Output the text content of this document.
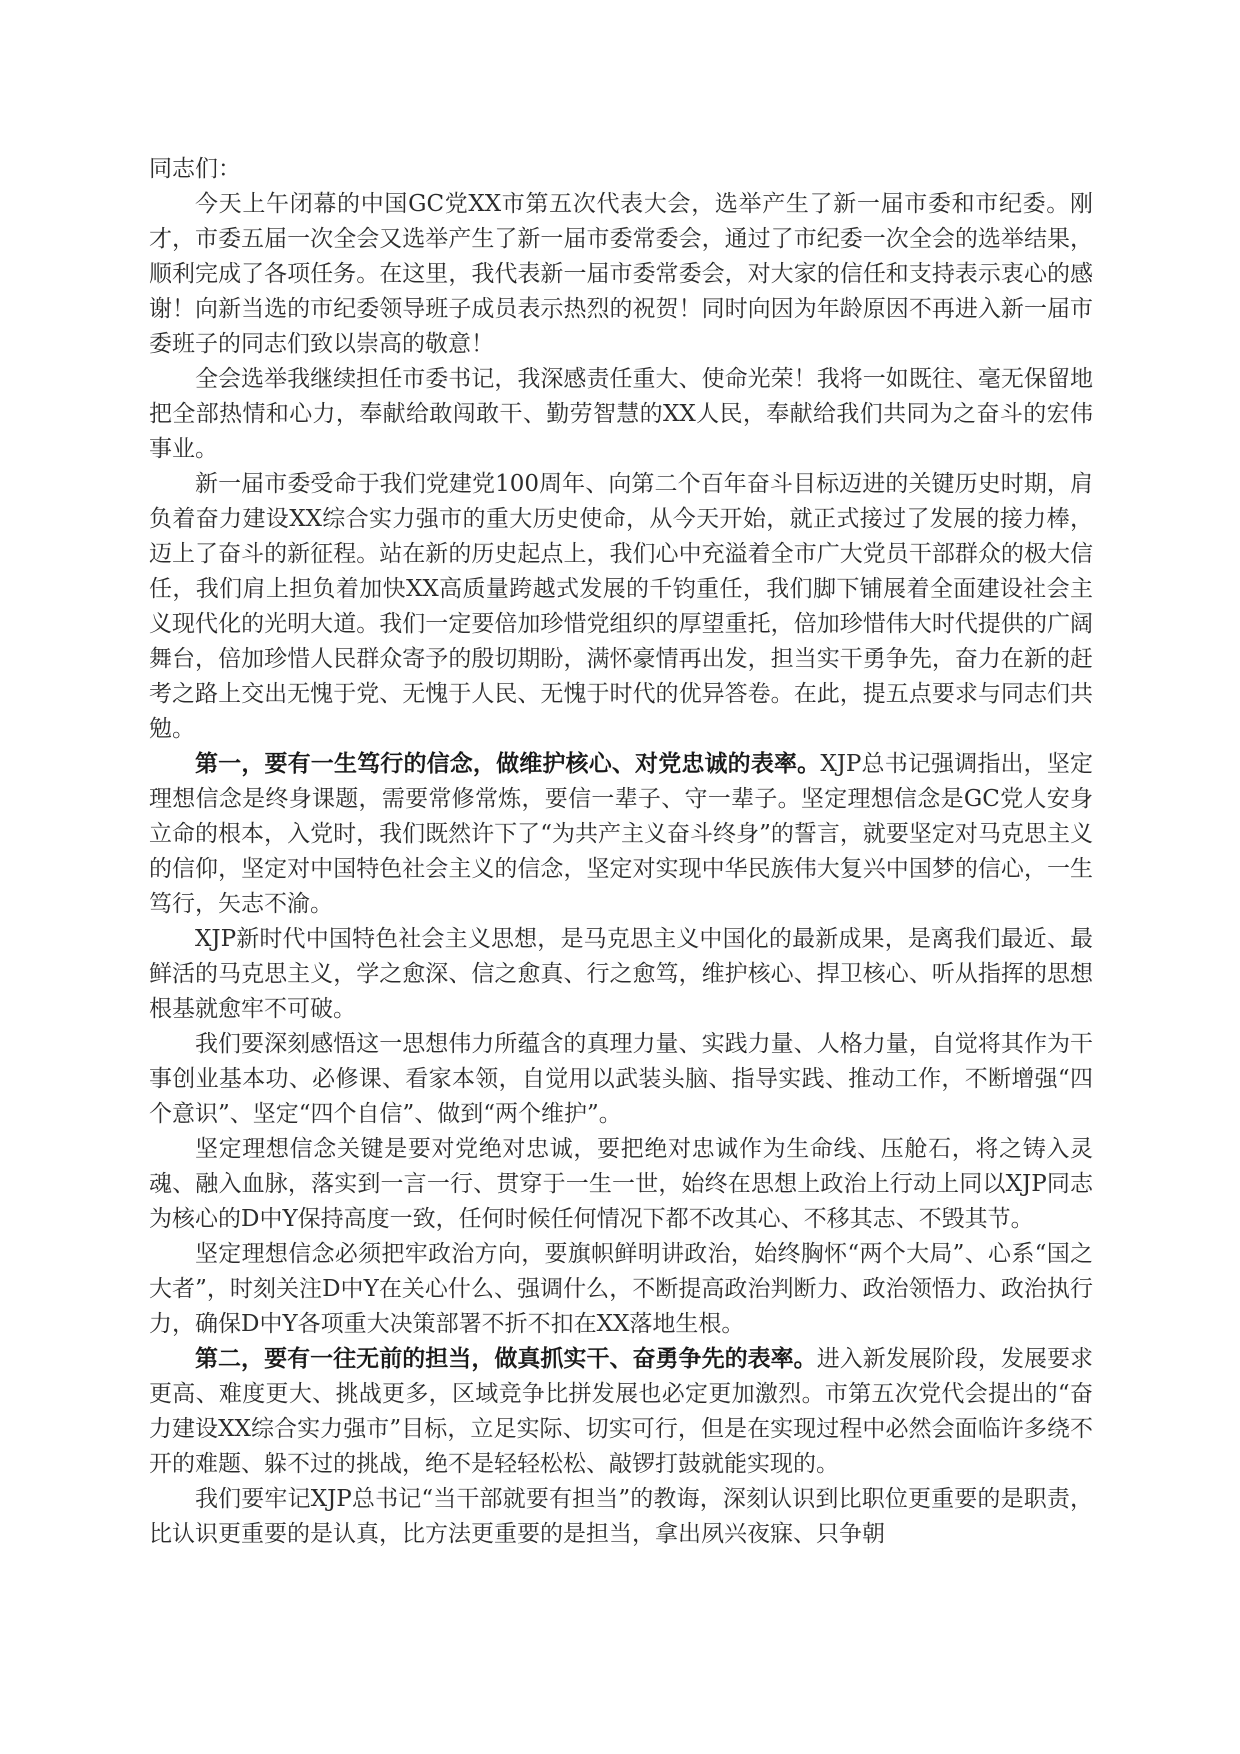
同志们：

今天上午闭幕的中国GC党XX市第五次代表大会，选举产生了新一届市委和市纪委。刚才，市委五届一次全会又选举产生了新一届市委常委会，通过了市纪委一次全会的选举结果，顺利完成了各项任务。在这里，我代表新一届市委常委会，对大家的信任和支持表示衷心的感谢！向新当选的市纪委领导班子成员表示热烈的祝贺！同时向因为年龄原因不再进入新一届市委班子的同志们致以崇高的敬意！

全会选举我继续担任市委书记，我深感责任重大、使命光荣！我将一如既往、毫无保留地把全部热情和心力，奉献给敢闯敢干、勤劳智慧的XX人民，奉献给我们共同为之奋斗的宏伟事业。

新一届市委受命于我们党建党100周年、向第二个百年奋斗目标迈进的关键历史时期，肩负着奋力建设XX综合实力强市的重大历史使命，从今天开始，就正式接过了发展的接力棒，迈上了奋斗的新征程。站在新的历史起点上，我们心中充溢着全市广大党员干部群众的极大信任，我们肩上担负着加快XX高质量跨越式发展的千钧重任，我们脚下铺展着全面建设社会主义现代化的光明大道。我们一定要倍加珍惜党组织的厚望重托，倍加珍惜伟大时代提供的广阔舞台，倍加珍惜人民群众寄予的殷切期盼，满怀豪情再出发，担当实干勇争先，奋力在新的赶考之路上交出无愧于党、无愧于人民、无愧于时代的优异答卷。在此，提五点要求与同志们共勉。

第一，要有一生笃行的信念，做维护核心、对党忠诚的表率。XJP总书记强调指出，坚定理想信念是终身课题，需要常修常炼，要信一辈子、守一辈子。坚定理想信念是GC党人安身立命的根本，入党时，我们既然许下了“为共产主义奋斗终身”的誓言，就要坚定对马克思主义的信仰，坚定对中国特色社会主义的信念，坚定对实现中华民族伟大复兴中国梦的信心，一生笃行，矢志不渝。

XJP新时代中国特色社会主义思想，是马克思主义中国化的最新成果，是离我们最近、最鲜活的马克思主义，学之愈深、信之愈真、行之愈笃，维护核心、捍卫核心、听从指挥的思想根基就愈牢不可破。

我们要深刻感悟这一思想伟力所蕴含的真理力量、实践力量、人格力量，自觉将其作为干事创业基本功、必修课、看家本领，自觉用以武装头脑、指导实践、推动工作，不断增强“四个意识”、坚定“四个自信”、做到“两个维护”。

坚定理想信念关键是要对党绝对忠诚，要把绝对忠诚作为生命线、压舱石，将之铸入灵魂、融入血脉，落实到一言一行、贯穿于一生一世，始终在思想上政治上行动上同以XJP同志为核心的D中Y保持高度一致，任何时候任何情况下都不改其心、不移其志、不毁其节。

坚定理想信念必须把牢政治方向，要旗帜鲜明讲政治，始终胸怀“两个大局”、心系“国之大者”，时刻关注D中Y在关心什么、强调什么，不断提高政治判断力、政治领悟力、政治执行力，确保D中Y各项重大决策部署不折不扣在XX落地生根。

第二，要有一往无前的担当，做真抓实干、奋勇争先的表率。进入新发展阶段，发展要求更高、难度更大、挑战更多，区域竞争比拼发展也必定更加激烈。市第五次党代会提出的“奋力建设XX综合实力强市”目标，立足实际、切实可行，但是在实现过程中必然会面临许多绕不开的难题、躲不过的挑战，绝不是轻轻松松、敲锣打鼓就能实现的。

我们要牢记XJP总书记“当干部就要有担当”的教诲，深刻认识到比职位更重要的是职责，比认识更重要的是认真，比方法更重要的是担当，拿出夙兴夜寐、只争朝
